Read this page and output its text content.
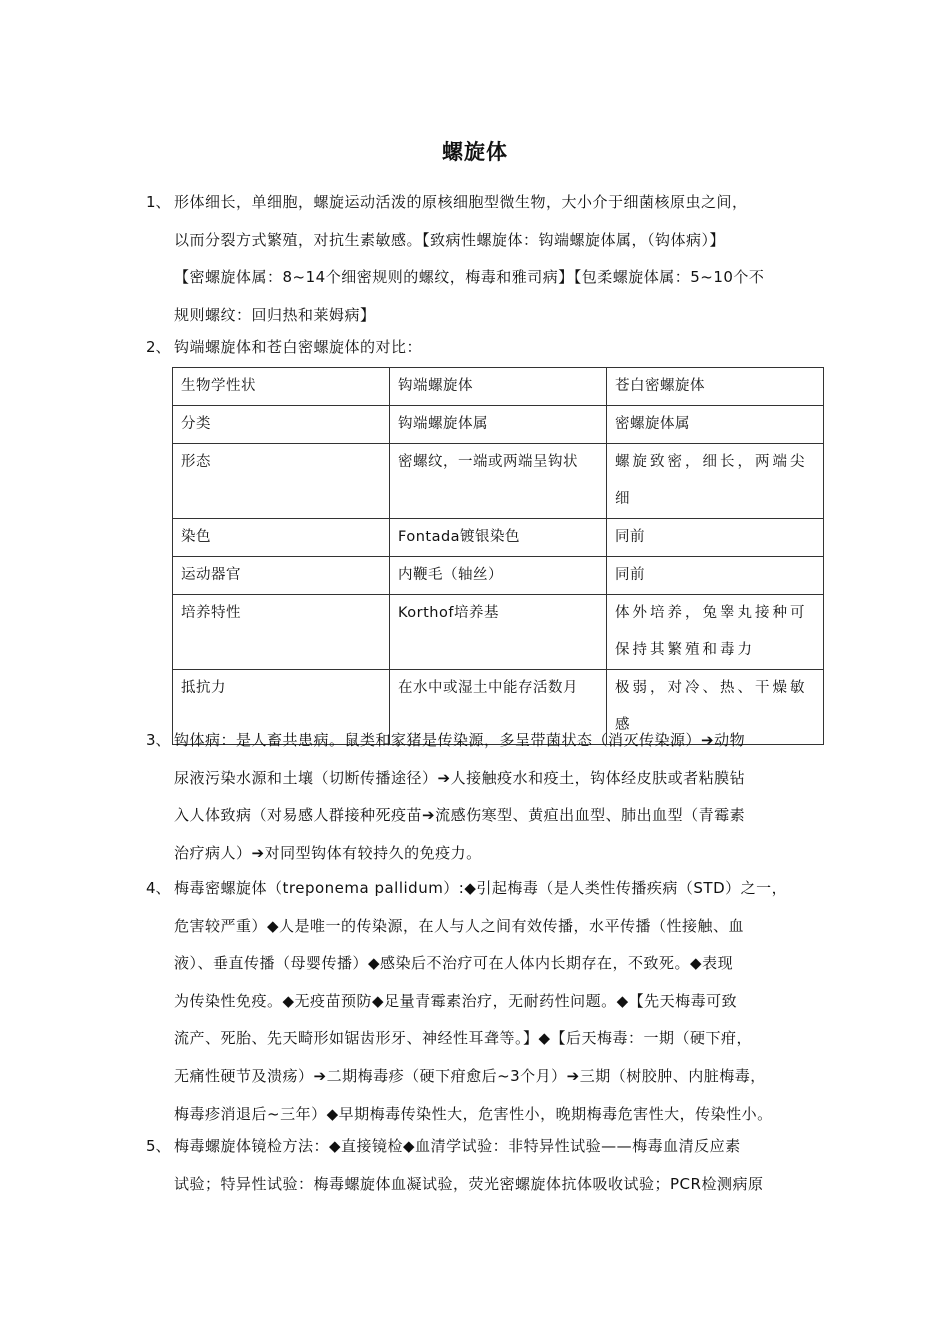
螺旋体
1、 形体细长，单细胞，螺旋运动活泼的原核细胞型微生物，大小介于细菌核原虫之间，
以而分裂方式繁殖，对抗生素敏感。【致病性螺旋体：钩端螺旋体属，（钩体病）】
【密螺旋体属：8~14个细密规则的螺纹，梅毒和雅司病】【包柔螺旋体属：5~10个不
规则螺纹：回归热和莱姆病】
2、 钩端螺旋体和苍白密螺旋体的对比：
生物学性状	钩端螺旋体	苍白密螺旋体
分类	钩端螺旋体属	密螺旋体属
形态	密螺纹，一端或两端呈钩状	螺旋致密，细长，两端尖细
染色	Fontada镀银染色	同前
运动器官	内鞭毛（轴丝）	同前
培养特性	Korthof培养基	体外培养，兔睾丸接种可保持其繁殖和毒力
抵抗力	在水中或湿土中能存活数月	极弱，对冷、热、干燥敏感
3、 钩体病：是人畜共患病。鼠类和家猪是传染源，多呈带菌状态（消灭传染源）➔动物
尿液污染水源和土壤（切断传播途径）➔人接触疫水和疫土，钩体经皮肤或者粘膜钻
入人体致病（对易感人群接种死疫苗➔流感伤寒型、黄疸出血型、肺出血型（青霉素
治疗病人）➔对同型钩体有较持久的免疫力。
4、 梅毒密螺旋体（treponema pallidum）:◆引起梅毒（是人类性传播疾病（STD）之一，
危害较严重）◆人是唯一的传染源，在人与人之间有效传播，水平传播（性接触、血
液）、垂直传播（母婴传播）◆感染后不治疗可在人体内长期存在，不致死。◆表现
为传染性免疫。◆无疫苗预防◆足量青霉素治疗，无耐药性问题。◆【先天梅毒可致
流产、死胎、先天畸形如锯齿形牙、神经性耳聋等。】◆【后天梅毒：一期（硬下疳，
无痛性硬节及溃疡）➔二期梅毒疹（硬下疳愈后~3个月）➔三期（树胶肿、内脏梅毒，
梅毒疹消退后~三年）◆早期梅毒传染性大，危害性小，晚期梅毒危害性大，传染性小。
5、 梅毒螺旋体镜检方法：◆直接镜检◆血清学试验：非特异性试验——梅毒血清反应素
试验；特异性试验：梅毒螺旋体血凝试验，荧光密螺旋体抗体吸收试验；PCR检测病原
